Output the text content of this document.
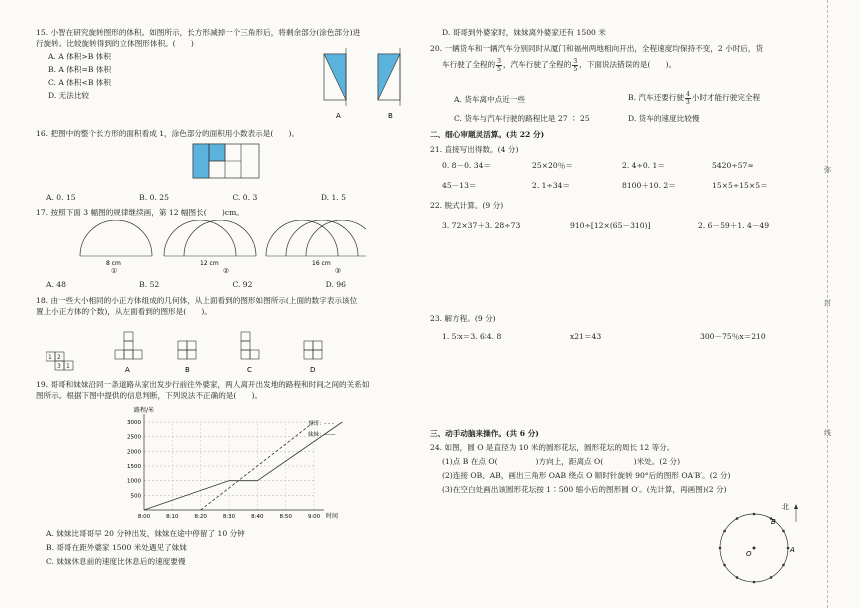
15. 小智在研究旋转图形的体积。如图所示，长方形减掉一个三角形后，将剩余部分(涂色部分)进
行旋转。比较旋转得到的立体图形体积。(　　)
A. A 体积>B 体积
B. A 体积=B 体积
C. A 体积<B 体积
D. 无法比较
A	B
16. 把图中的整个长方形的面积看成 1，涂色部分的面积用小数表示是(　　)。
A. 0. 15	B. 0. 25	C. 0. 3	D. 1. 5
17. 按照下面 3 幅图的规律继续画，第 12 幅图长(　　)cm。
8 cm	12 cm	16 cm
①	②	③
A. 48	B. 52	C. 92	D. 96
18. 由一些大小相同的小正方体组成的几何体，从上面看到的图形如图所示(上面的数字表示该位
置上小正方体的个数)，从左面看到的图形是(　　)。
1 2
3 1	A	B	C	D
19. 哥哥和妹妹沿同一条道路从家出发步行前往外婆家，两人离开出发地的路程和时间之间的关系如
图所示。根据下图中提供的信息判断，下列说法不正确的是(　　)。
500
1000
1500
2000
2500
3000
8:00	8:10	8:20	8:30	8:40	8:50	9:00 时间
路程/米
哥哥：- - -
妹妹：——
A. 妹妹比哥哥早 20 分钟出发，妹妹在途中停留了 10 分钟
B. 哥哥在距外婆家 1500 米处遇见了妹妹
C. 妹妹休息前的速度比休息后的速度要慢
D. 哥哥到外婆家时，妹妹离外婆家还有 1500 米
20. 一辆货车和一辆汽车分别同时从厦门和福州两地相向开出，全程速度均保持不变，2 小时后，货
车行驶了全程的 3
5
，汽车行驶了全程的 3
5
，下面说法错误的是(　　)。
A. 货车离中点近一些	B. 汽车还要行驶 4
3
小时才能行驶完全程
C. 货车与汽车行驶的路程比是 27 ∶ 25	D. 货车的速度比较慢
二、细心审题灵活算。(共 22 分)
21. 直接写出得数。(4 分)
0. 8－0. 34＝	25×20％＝	2. 4÷0. 1＝	5420÷57≈
45－13＝	2. 1÷34＝	8100＋10. 2＝	15×5÷15×5＝
22. 脱式计算。(9 分)
3. 72×37＋3. 28÷73	910÷[12×(65－310)]	2. 6－59＋1. 4－49
23. 解方程。(9 分)
1. 5∶x＝3. 6∶4. 8	x21＝43	300－75％x＝210
三、动手动脑来操作。(共 6 分)
24. 如图，圆 O 是直径为 10 米的圆形花坛，圆形花坛的周长 12 等分。
(1)点 B 在点 O(　　　　　)方向上，距离点 O(　　　　)米处。(2 分)
(2)连接 OB、AB，画出三角形 OAB 绕点 O 顺时针旋转 90°后的图形 OA′B′。(2 分)
(3)在空白处画出该圆形花坛按 1∶500 缩小后的图形圆 O′。(先计算，再画图)(2 分)
北
B
O	A
弥
封
线
